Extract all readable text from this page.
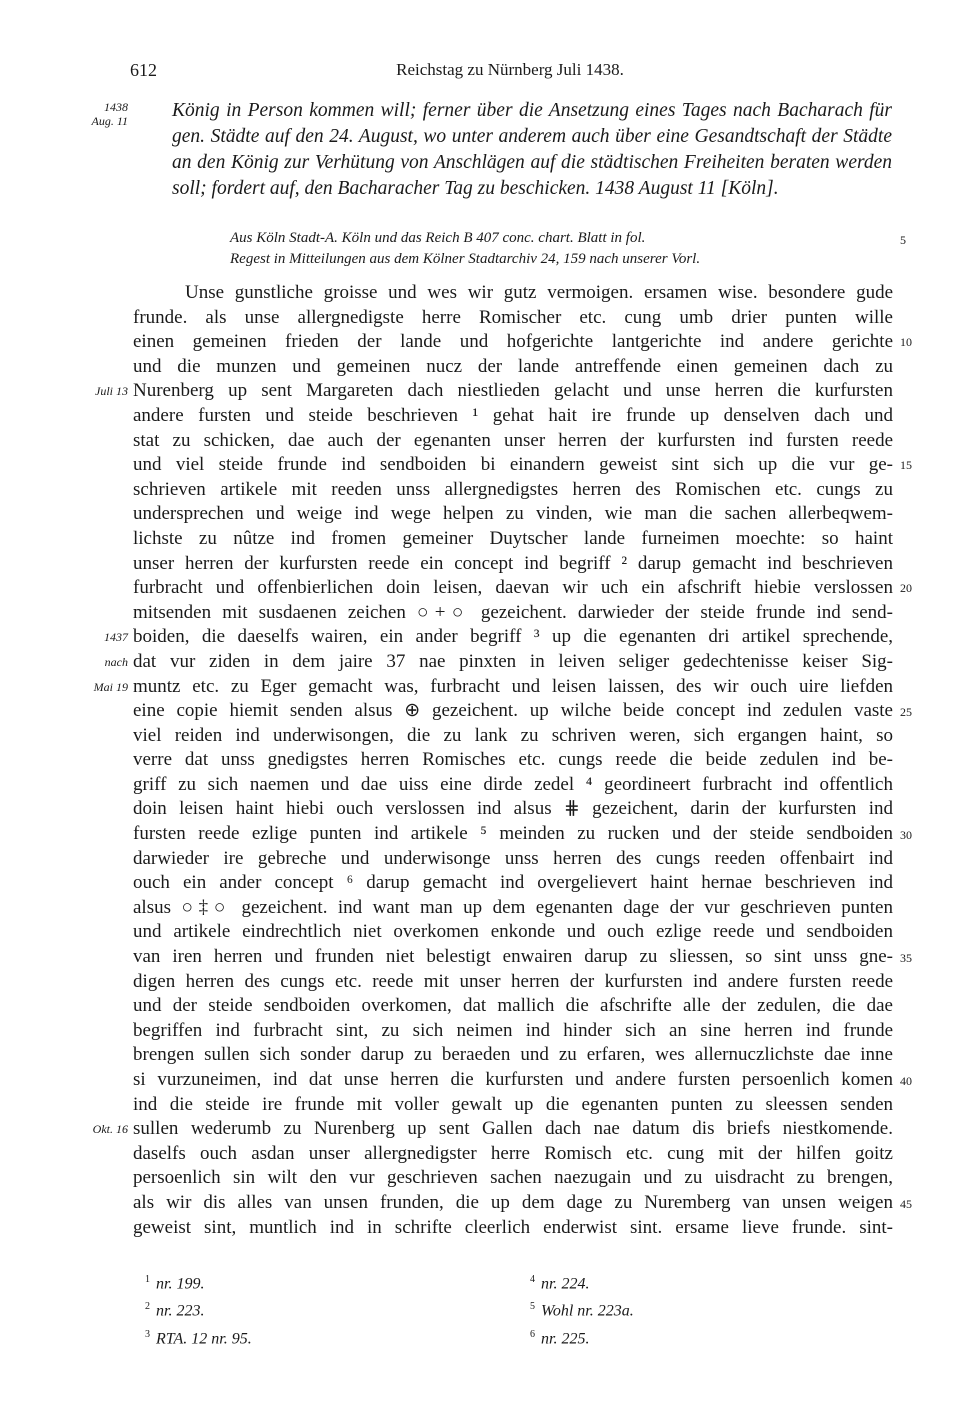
612	Reichstag zu Nürnberg Juli 1438.
1438
Aug. 11 König in Person kommen will; ferner über die Ansetzung eines Tages nach Bacharach für gen. Städte auf den 24. August, wo unter anderem auch über eine Gesandtschaft der Städte an den König zur Verhütung von Anschlägen auf die städtischen Freiheiten beraten werden soll; fordert auf, den Bacharacher Tag zu beschicken. 1438 August 11 [Köln].
Aus Köln Stadt-A. Köln und das Reich B 407 conc. chart. Blatt in fol.
Regest in Mitteilungen aus dem Kölner Stadtarchiv 24, 159 nach unserer Vorl.
Unse gunstliche groisse und wes wir gutz vermoigen. ersamen wise. besondere gude
frunde. als unse allergnedigste herre Romischer etc. cung umb drier punten wille
einen gemeinen frieden der lande und hofgerichte lantgerichte ind andere gerichte
und die munzen und gemeinen nucz der lande antreffende einen gemeinen dach zu
Nurenberg up sent Margareten dach niestlieden gelacht und unse herren die kurfursten
andere fursten und steide beschrieven ¹ gehat hait ire frunde up denselven dach und
stat zu schicken, dae auch der egenanten unser herren der kurfursten ind fursten reede
und viel steide frunde ind sendboiden bi einandern geweist sint sich up die vur ge-
schrieven artikele mit reeden unss allergnedigstes herren des Romischen etc. cungs zu
undersprechen und weige ind wege helpen zu vinden, wie man die sachen allerbeqwem-
lichste zu nûtze ind fromen gemeiner Duytscher lande furneimen moechte: so haint
unser herren der kurfursten reede ein concept ind begriff ² darup gemacht ind beschrieven
furbracht und offenbierlichen doin leisen, daevan wir uch ein afschrift hiebie verslossen
mitsenden mit susdaenen zeichen ○+○ gezeichent. darwieder der steide frunde ind send-
boiden, die daeselfs wairen, ein ander begriff ³ up die egenanten dri artikel sprechende,
dat vur ziden in dem jaire 37 nae pinxten in leiven seliger gedechtenisse keiser Sig-
muntz etc. zu Eger gemacht was, furbracht und leisen laissen, des wir ouch uire liefden
eine copie hiemit senden alsus ⊕ gezeichent. up wilche beide concept ind zedulen vaste
viel reiden ind underwisongen, die zu lank zu schriven weren, sich ergangen haint, so
verre dat unss gnedigstes herren Romisches etc. cungs reede die beide zedulen ind be-
griff zu sich naemen und dae uiss eine dirde zedel ⁴ geordineert furbracht ind offentlich
doin leisen haint hiebi ouch verslossen ind alsus ⋕ gezeichent, darin der kurfursten ind
fursten reede ezlige punten ind artikele ⁵ meinden zu rucken und der steide sendboiden
darwieder ire gebreche und underwisonge unss herren des cungs reeden offenbairt ind
ouch ein ander concept ⁶ darup gemacht ind overgelievert haint hernae beschrieven ind
alsus ○‡○ gezeichent. ind want man up dem egenanten dage der vur geschrieven punten
und artikele eindrechtlich niet overkomen enkonde und ouch ezlige reede und sendboiden
van iren herren und frunden niet belestigt enwairen darup zu sliessen, so sint unss gne-
digen herren des cungs etc. reede mit unser herren der kurfursten ind andere fursten reede
und der steide sendboiden overkomen, dat mallich die afschrifte alle der zedulen, die dae
begriffen ind furbracht sint, zu sich neimen ind hinder sich an sine herren ind frunde
brengen sullen sich sonder darup zu beraeden und zu erfaren, wes allernuczlichste dae inne
si vurzuneimen, ind dat unse herren die kurfursten und andere fursten persoenlich komen
ind die steide ire frunde mit voller gewalt up die egenanten punten zu sleessen senden
sullen wederumb zu Nurenberg up sent Gallen dach nae datum dis briefs niestkomende.
daselfs ouch asdan unser allergnedigster herre Romisch etc. cung mit der hilfen goitz
persoenlich sin wilt den vur geschrieven sachen naezugain und zu uisdracht zu brengen,
als wir dis alles van unsen frunden, die up dem dage zu Nuremberg van unsen weigen
geweist sint, muntlich ind in schrifte cleerlich enderwist sint. ersame lieve frunde. sint-
Juli 13
1437
nach
Mai 19
Okt. 16
5
10
15
20
25
30
35
40
45
$^1$ nr. 199.
$^2$ nr. 223.
$^3$ RTA. 12 nr. 95.
$^4$ nr. 224.
$^5$ Wohl nr. 223a.
$^6$ nr. 225.
